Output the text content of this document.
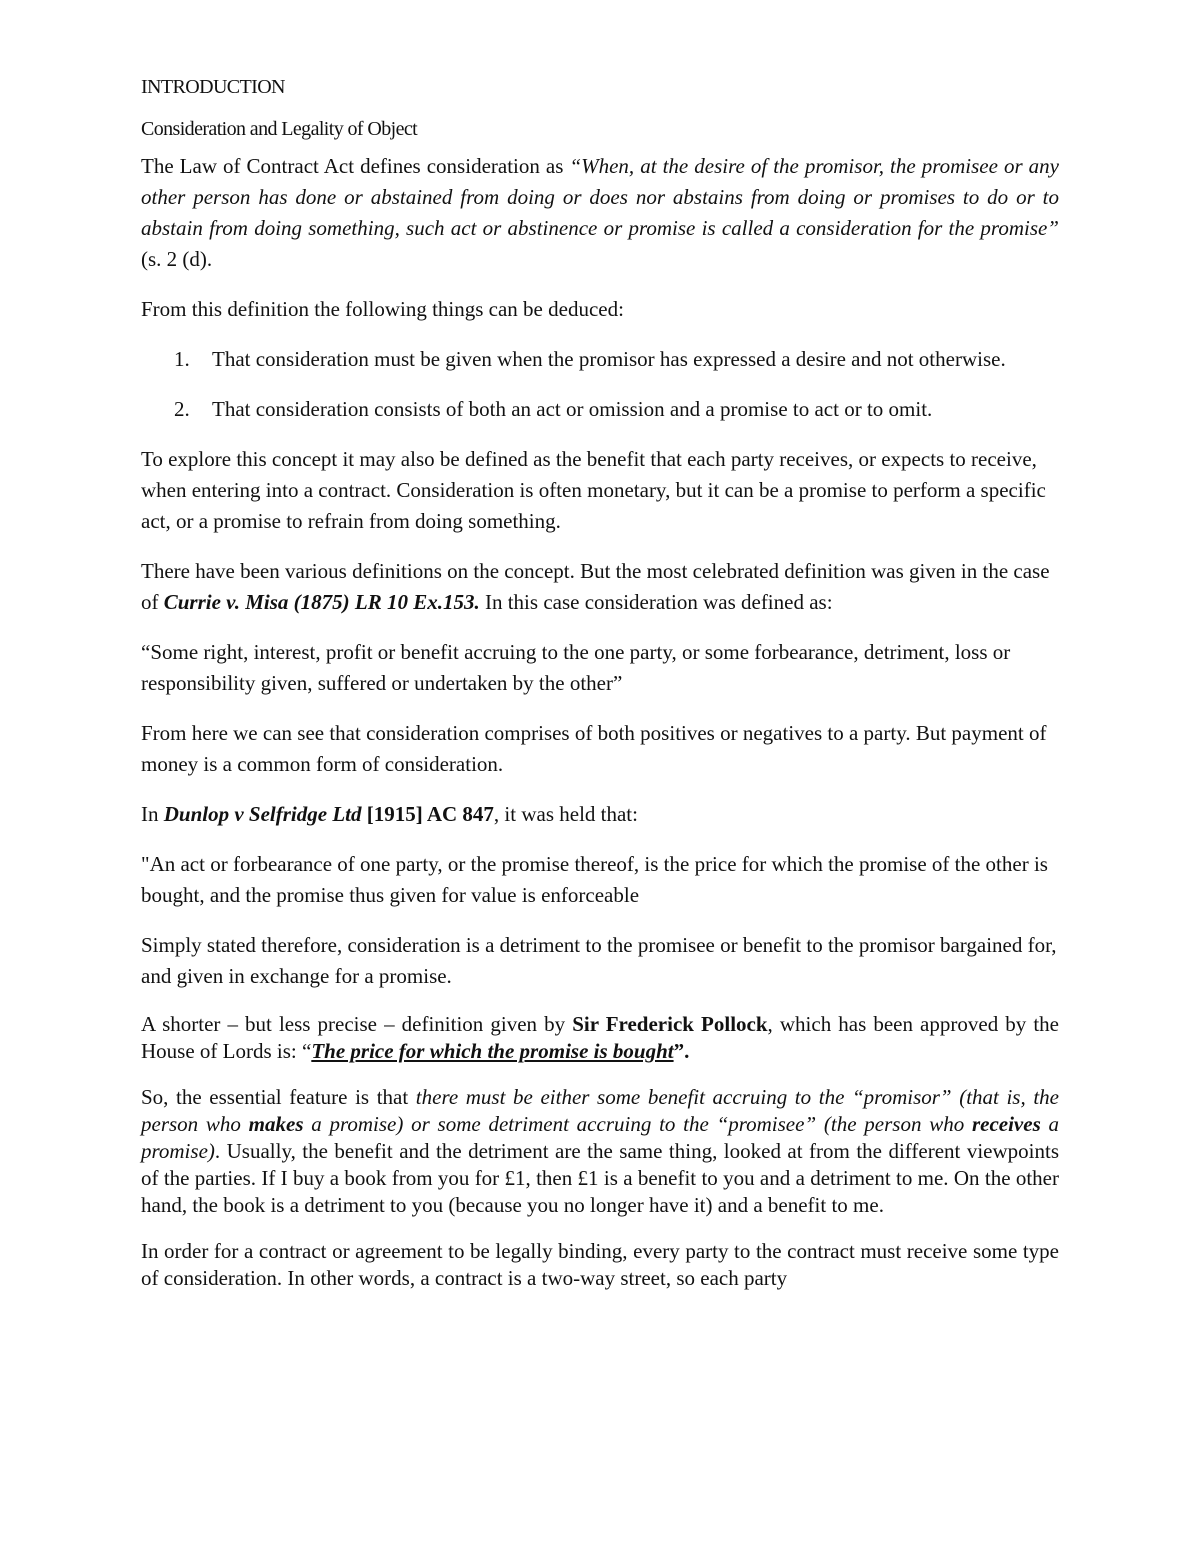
INTRODUCTION

Consideration and Legality of Object

The Law of Contract Act defines consideration as “When, at the desire of the promisor, the promisee or any other person has done or abstained from doing or does nor abstains from doing or promises to do or to abstain from doing something, such act or abstinence or promise is called a consideration for the promise” (s. 2 (d).

From this definition the following things can be deduced:

1.	That consideration must be given when the promisor has expressed a desire and not otherwise.
2.	That consideration consists of both an act or omission and a promise to act or to omit.

To explore this concept it may also be defined as the benefit that each party receives, or expects to receive, when entering into a contract. Consideration is often monetary, but it can be a promise to perform a specific act, or a promise to refrain from doing something.

There have been various definitions on the concept. But the most celebrated definition was given in the case of Currie v. Misa (1875) LR 10 Ex.153. In this case consideration was defined as:

“Some right, interest, profit or benefit accruing to the one party, or some forbearance, detriment, loss or responsibility given, suffered or undertaken by the other”

From here we can see that consideration comprises of both positives or negatives to a party. But payment of money is a common form of consideration.

In Dunlop v Selfridge Ltd [1915] AC 847, it was held that:

"An act or forbearance of one party, or the promise thereof, is the price for which the promise of the other is bought, and the promise thus given for value is enforceable

Simply stated therefore, consideration is a detriment to the promisee or benefit to the promisor bargained for, and given in exchange for a promise.

A shorter – but less precise – definition given by Sir Frederick Pollock, which has been approved by the House of Lords is: “The price for which the promise is bought”.

So, the essential feature is that there must be either some benefit accruing to the “promisor” (that is, the person who makes a promise) or some detriment accruing to the “promisee” (the person who receives a promise). Usually, the benefit and the detriment are the same thing, looked at from the different viewpoints of the parties. If I buy a book from you for £1, then £1 is a benefit to you and a detriment to me. On the other hand, the book is a detriment to you (because you no longer have it) and a benefit to me.

In order for a contract or agreement to be legally binding, every party to the contract must receive some type of consideration. In other words, a contract is a two-way street, so each party
